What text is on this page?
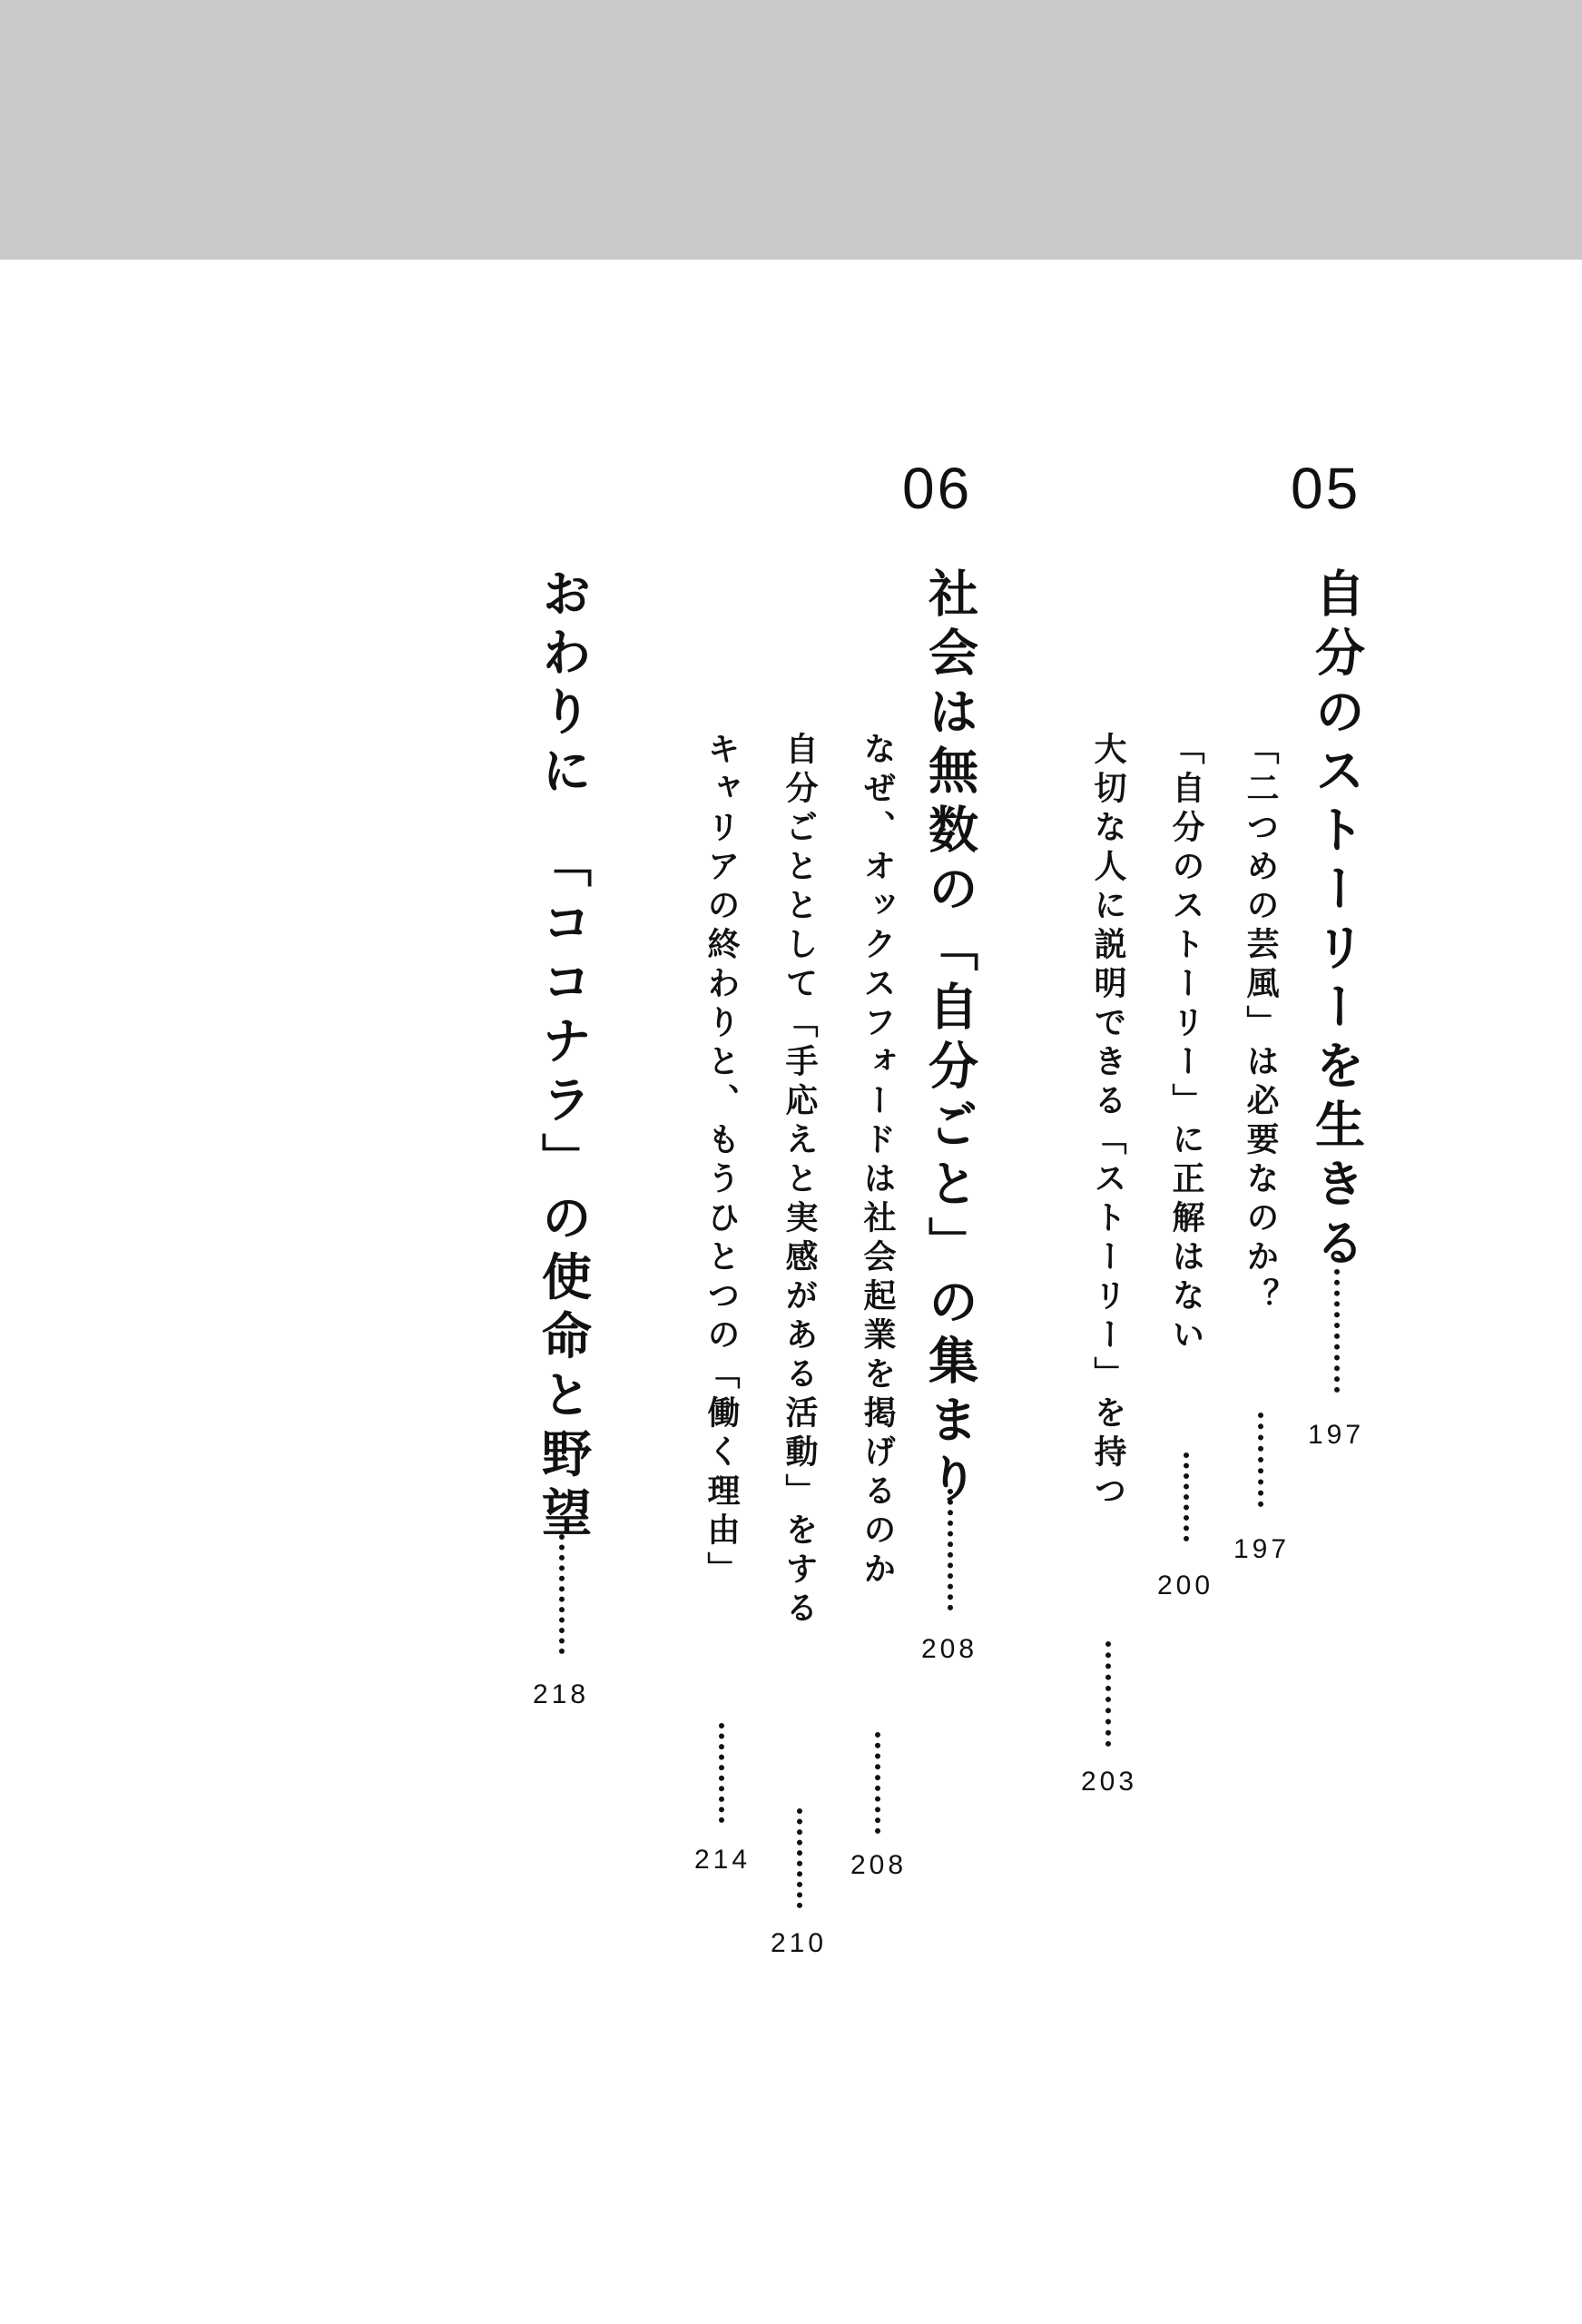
05
自分のストーリーを生きる
197
「二つめの芸風」は必要なのか？
197
「自分のストーリー」に正解はない
200
大切な人に説明できる「ストーリー」を持つ
203
06
社会は無数の「自分ごと」の集まり
208
なぜ、オックスフォードは社会起業を掲げるのか
208
自分ごととして「手応えと実感がある活動」をする
210
キャリアの終わりと、もうひとつの「働く理由」
214
おわりに　「ココナラ」の使命と野望
218
